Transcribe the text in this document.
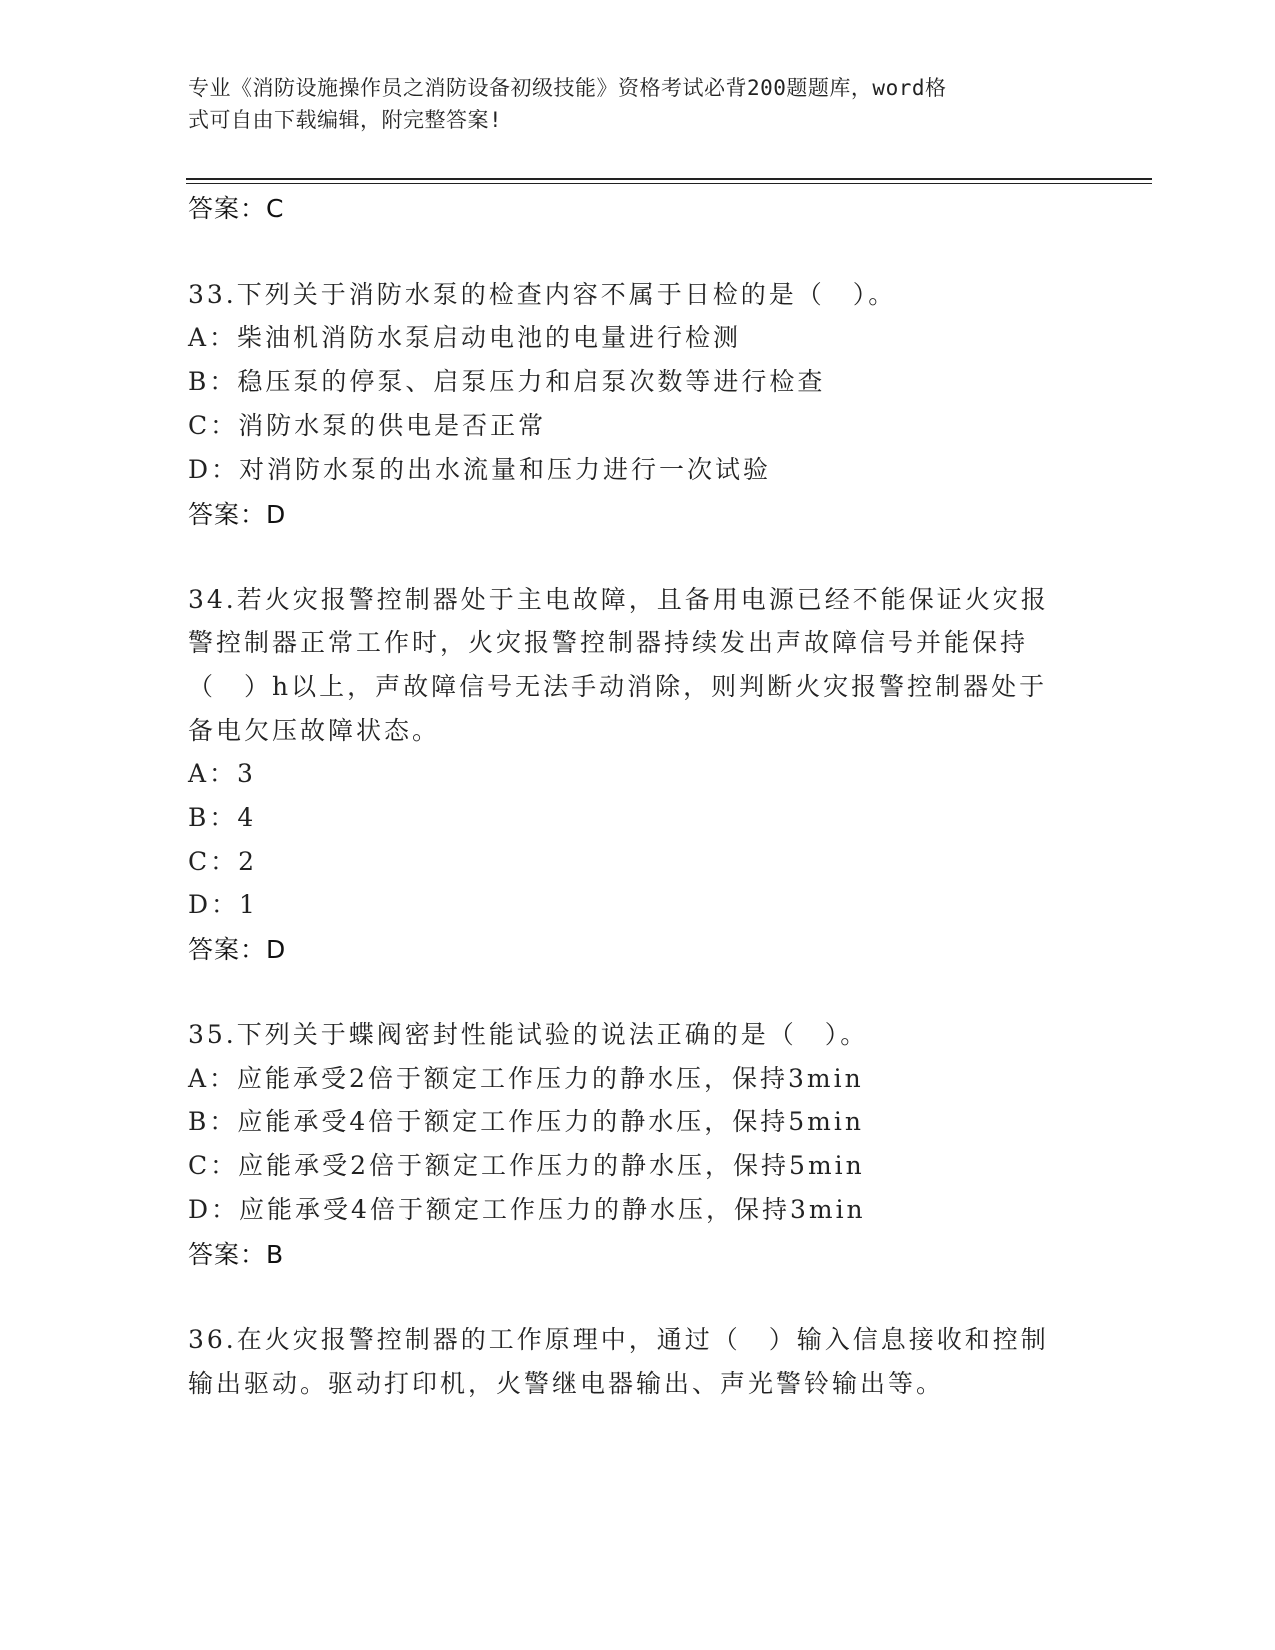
专业《消防设施操作员之消防设备初级技能》资格考试必背200题题库，word格
式可自由下载编辑，附完整答案!
答案：C
33.下列关于消防水泵的检查内容不属于日检的是（　）。
A：柴油机消防水泵启动电池的电量进行检测
B：稳压泵的停泵、启泵压力和启泵次数等进行检查
C：消防水泵的供电是否正常
D：对消防水泵的出水流量和压力进行一次试验
答案：D
34.若火灾报警控制器处于主电故障，且备用电源已经不能保证火灾报
警控制器正常工作时，火灾报警控制器持续发出声故障信号并能保持
（　）h以上，声故障信号无法手动消除，则判断火灾报警控制器处于
备电欠压故障状态。
A：3
B：4
C：2
D：1
答案：D
35.下列关于蝶阀密封性能试验的说法正确的是（　）。
A：应能承受2倍于额定工作压力的静水压，保持3min
B：应能承受4倍于额定工作压力的静水压，保持5min
C：应能承受2倍于额定工作压力的静水压，保持5min
D：应能承受4倍于额定工作压力的静水压，保持3min
答案：B
36.在火灾报警控制器的工作原理中，通过（　）输入信息接收和控制
输出驱动。驱动打印机，火警继电器输出、声光警铃输出等。
